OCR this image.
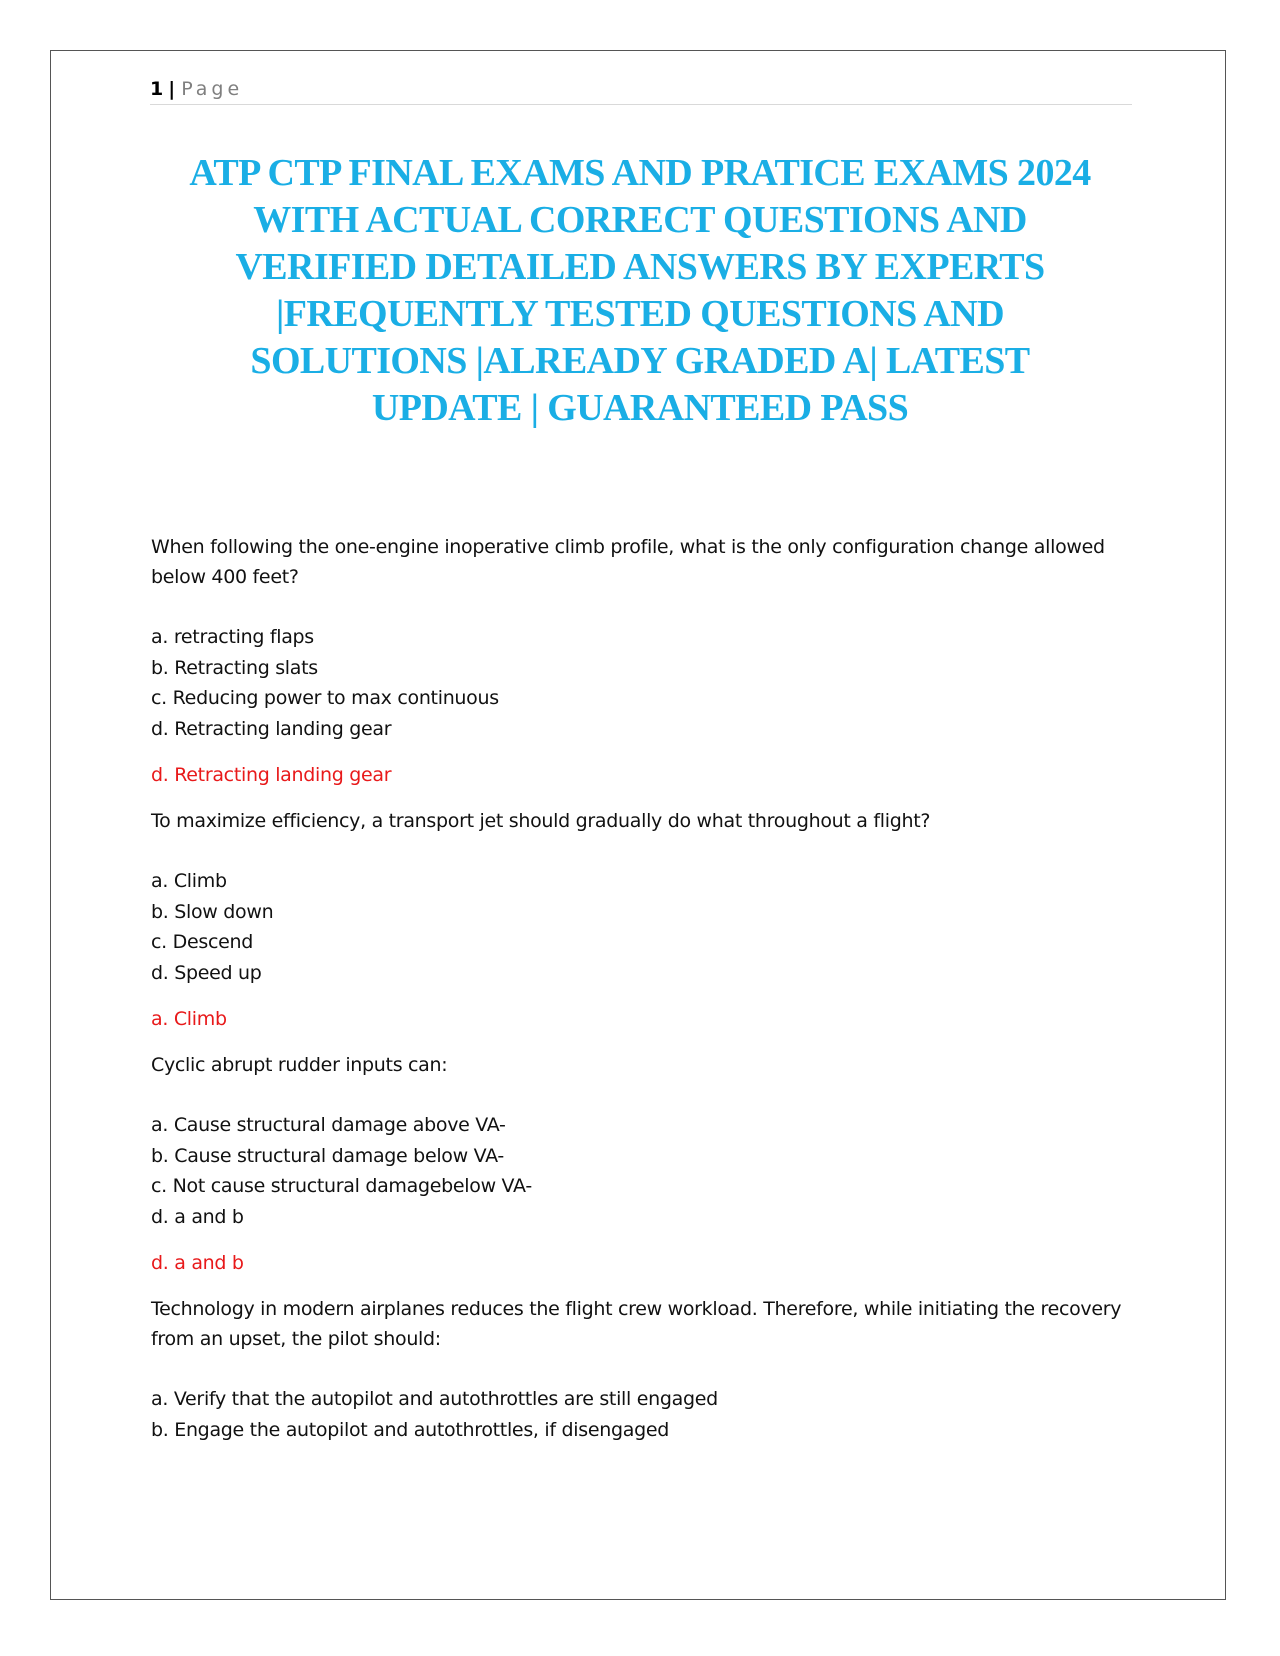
1 | Page
ATP CTP FINAL EXAMS AND PRATICE EXAMS 2024
WITH ACTUAL CORRECT QUESTIONS AND
VERIFIED DETAILED ANSWERS BY EXPERTS
|FREQUENTLY TESTED QUESTIONS AND
SOLUTIONS |ALREADY GRADED A| LATEST
UPDATE | GUARANTEED PASS

When following the one-engine inoperative climb profile, what is the only configuration change allowed below 400 feet?

a. retracting flaps
b. Retracting slats
c. Reducing power to max continuous
d. Retracting landing gear

d. Retracting landing gear

To maximize efficiency, a transport jet should gradually do what throughout a flight?

a. Climb
b. Slow down
c. Descend
d. Speed up

a. Climb

Cyclic abrupt rudder inputs can:

a. Cause structural damage above VA-
b. Cause structural damage below VA-
c. Not cause structural damagebelow VA-
d. a and b

d. a and b

Technology in modern airplanes reduces the flight crew workload. Therefore, while initiating the recovery from an upset, the pilot should:

a. Verify that the autopilot and autothrottles are still engaged
b. Engage the autopilot and autothrottles, if disengaged
